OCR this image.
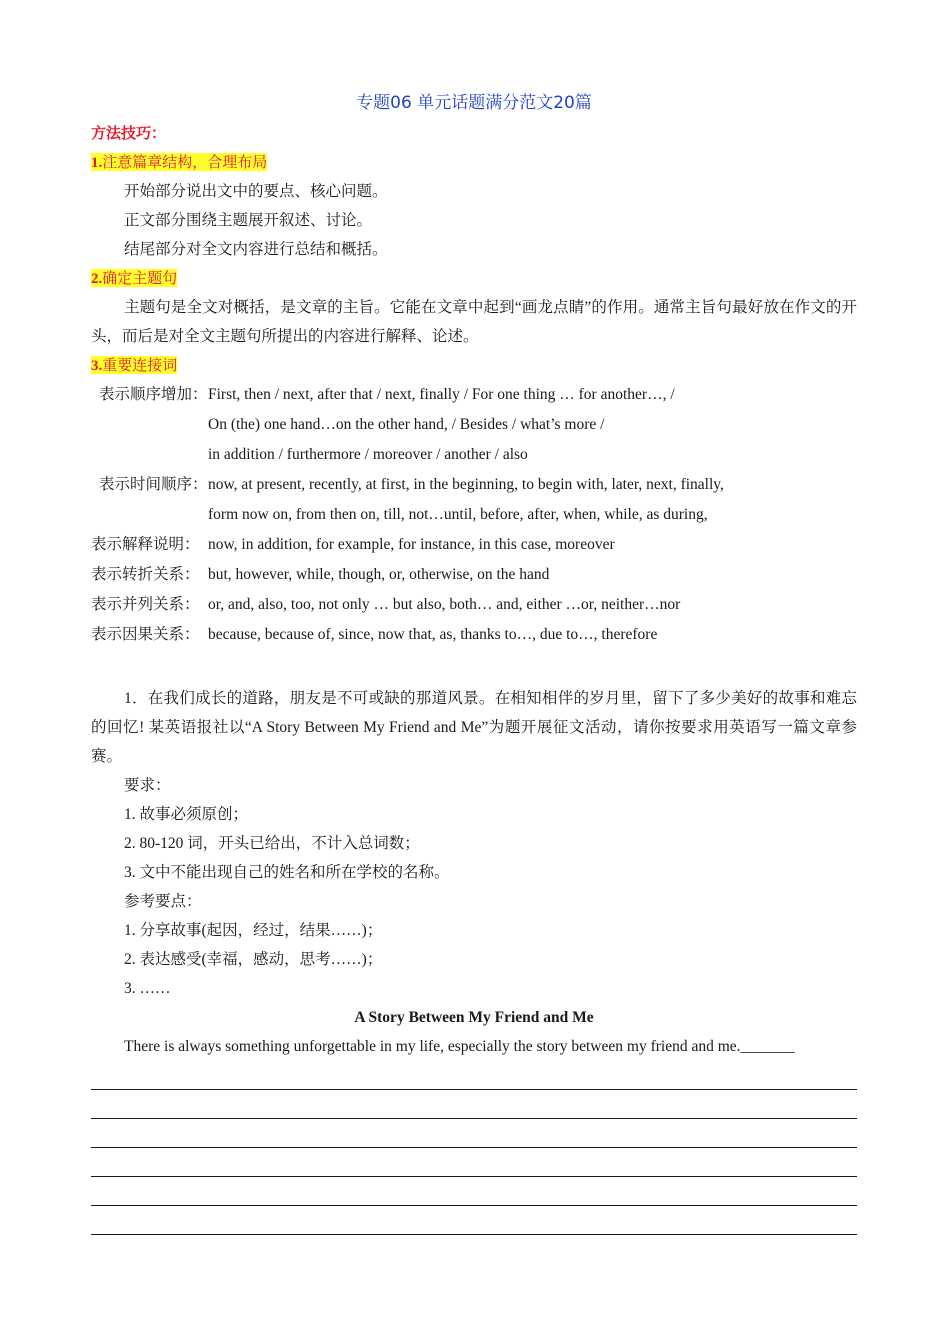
专题06 单元话题满分范文20篇
方法技巧：
1.注意篇章结构，合理布局
开始部分说出文中的要点、核心问题。
正文部分围绕主题展开叙述、讨论。
结尾部分对全文内容进行总结和概括。
2.确定主题句
主题句是全文对概括，是文章的主旨。它能在文章中起到“画龙点睛”的作用。通常主旨句最好放在作文的开头，而后是对全文主题句所提出的内容进行解释、论述。
3.重要连接词
表示顺序增加： First, then / next, after that / next, finally / For one thing … for another…, /
On (the) one hand…on the other hand, / Besides / what’s more /
in addition / furthermore / moreover / another / also
表示时间顺序： now, at present, recently, at first, in the beginning, to begin with, later, next, finally,
form now on, from then on, till, not…until, before, after, when, while, as during,
表示解释说明： now, in addition, for example, for instance, in this case, moreover
表示转折关系： but, however, while, though, or, otherwise, on the hand
表示并列关系： or, and, also, too, not only … but also, both… and, either …or, neither…nor
表示因果关系： because, because of, since, now that, as, thanks to…, due to…, therefore
1．在我们成长的道路，朋友是不可或缺的那道风景。在相知相伴的岁月里，留下了多少美好的故事和难忘的回忆! 某英语报社以“A Story Between My Friend and Me”为题开展征文活动，请你按要求用英语写一篇文章参赛。
要求：
1. 故事必须原创；
2. 80-120 词，开头已给出，不计入总词数；
3. 文中不能出现自己的姓名和所在学校的名称。
参考要点：
1. 分享故事(起因，经过，结果……)；
2. 表达感受(幸福，感动，思考……)；
3. ……
A Story Between My Friend and Me
There is always something unforgettable in my life, especially the story between my friend and me._______
